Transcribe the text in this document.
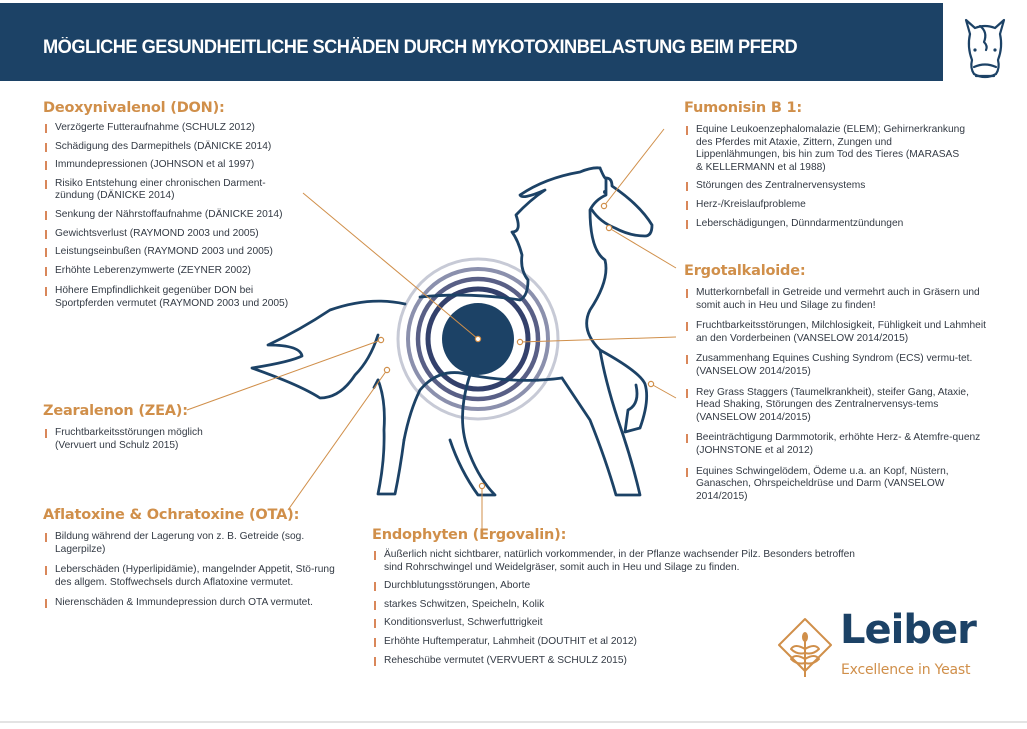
MÖGLICHE GESUNDHEITLICHE SCHÄDEN DURCH MYKOTOXINBELASTUNG BEIM PFERD
Deoxynivalenol (DON):
Verzögerte Futteraufnahme (SCHULZ 2012)
Schädigung des Darmepithels (DÄNICKE 2014)
Immundepressionen (JOHNSON et al 1997)
Risiko Entstehung einer chronischen Darment-zündung (DÄNICKE 2014)
Senkung der Nährstoffaufnahme (DÄNICKE 2014)
Gewichtsverlust (RAYMOND 2003 und 2005)
Leistungseinbußen (RAYMOND 2003 und 2005)
Erhöhte Leberenzymwerte (ZEYNER 2002)
Höhere Empfindlichkeit gegenüber DON bei Sportpferden vermutet (RAYMOND 2003 und 2005)
Zearalenon (ZEA):
Fruchtbarkeitsstörungen möglich (Vervuert und Schulz 2015)
Aflatoxine & Ochratoxine (OTA):
Bildung während der Lagerung von z. B. Getreide (sog. Lagerpilze)
Leberschäden (Hyperlipidämie), mangelnder Appetit, Stö-rung des allgem. Stoffwechsels durch Aflatoxine vermutet.
Nierenschäden & Immundepression durch OTA vermutet.
Fumonisin B 1:
Equine Leukoenzephalomalazie (ELEM); Gehirnerkrankung des Pferdes mit Ataxie, Zittern, Zungen und Lippenlähmungen, bis hin zum Tod des Tieres (MARASAS & KELLERMANN et al 1988)
Störungen des Zentralnervensystems
Herz-/Kreislaufprobleme
Leberschädigungen, Dünndarmentzündungen
Ergotalkaloide:
Mutterkornbefall in Getreide und vermehrt auch in Gräsern und somit auch in Heu und Silage zu finden!
Fruchtbarkeitsstörungen, Milchlosigkeit, Fühligkeit und Lahmheit an den Vorderbeinen (VANSELOW 2014/2015)
Zusammenhang Equines Cushing Syndrom (ECS) vermu-tet. (VANSELOW 2014/2015)
Rey Grass Staggers (Taumelkrankheit), steifer Gang, Ataxie, Head Shaking, Störungen des Zentralnervensys-tems (VANSELOW 2014/2015)
Beeinträchtigung Darmmotorik, erhöhte Herz- & Atemfre-quenz (JOHNSTONE et al 2012)
Equines Schwingelödem, Ödeme u.a. an Kopf, Nüstern, Ganaschen, Ohrspeicheldrüse und Darm (VANSELOW 2014/2015)
Endophyten (Ergovalin):
Äußerlich nicht sichtbarer, natürlich vorkommender, in der Pflanze wachsender Pilz. Besonders betroffen sind Rohrschwingel und Weidelgräser, somit auch in Heu und Silage zu finden.
Durchblutungsstörungen, Aborte
starkes Schwitzen, Speicheln, Kolik
Konditionsverlust, Schwerfuttrigkeit
Erhöhte Huftemperatur, Lahmheit (DOUTHIT et al 2012)
Reheschübe vermutet (VERVUERT & SCHULZ 2015)
Leiber
Excellence in Yeast
